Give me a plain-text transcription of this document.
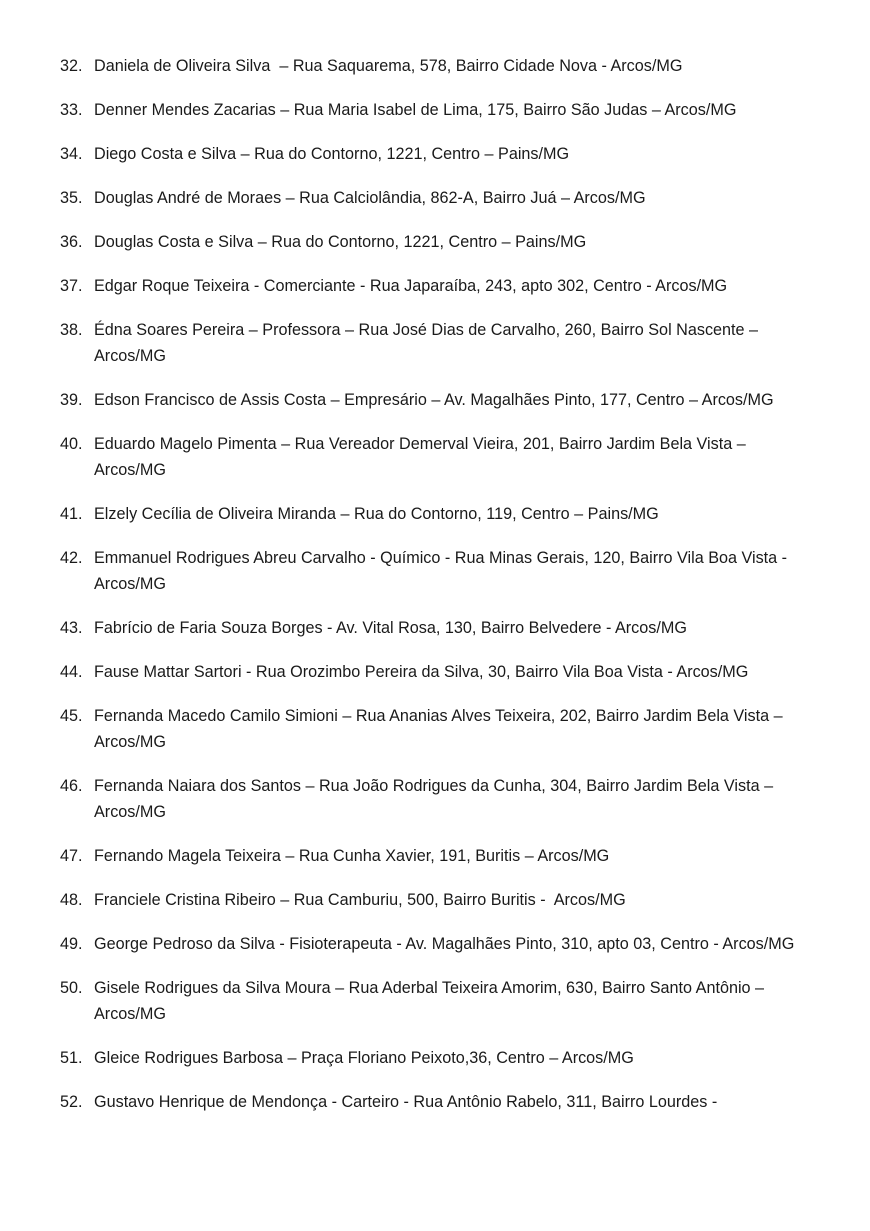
32. Daniela de Oliveira Silva  – Rua Saquarema, 578, Bairro Cidade Nova - Arcos/MG
33. Denner Mendes Zacarias – Rua Maria Isabel de Lima, 175, Bairro São Judas – Arcos/MG
34. Diego Costa e Silva – Rua do Contorno, 1221, Centro – Pains/MG
35. Douglas André de Moraes – Rua Calciolândia, 862-A, Bairro Juá – Arcos/MG
36. Douglas Costa e Silva – Rua do Contorno, 1221, Centro – Pains/MG
37. Edgar Roque Teixeira - Comerciante - Rua Japaraíba, 243, apto 302, Centro - Arcos/MG
38. Édna Soares Pereira – Professora – Rua José Dias de Carvalho, 260, Bairro Sol Nascente – Arcos/MG
39. Edson Francisco de Assis Costa – Empresário – Av. Magalhães Pinto, 177, Centro – Arcos/MG
40. Eduardo Magelo Pimenta – Rua Vereador Demerval Vieira, 201, Bairro Jardim Bela Vista – Arcos/MG
41. Elzely Cecília de Oliveira Miranda – Rua do Contorno, 119, Centro – Pains/MG
42. Emmanuel Rodrigues Abreu Carvalho - Químico - Rua Minas Gerais, 120, Bairro Vila Boa Vista - Arcos/MG
43. Fabrício de Faria Souza Borges - Av. Vital Rosa, 130, Bairro Belvedere - Arcos/MG
44. Fause Mattar Sartori - Rua Orozimbo Pereira da Silva, 30, Bairro Vila Boa Vista - Arcos/MG
45. Fernanda Macedo Camilo Simioni – Rua Ananias Alves Teixeira, 202, Bairro Jardim Bela Vista – Arcos/MG
46. Fernanda Naiara dos Santos – Rua João Rodrigues da Cunha, 304, Bairro Jardim Bela Vista – Arcos/MG
47. Fernando Magela Teixeira – Rua Cunha Xavier, 191, Buritis – Arcos/MG
48. Franciele Cristina Ribeiro – Rua Camburiu, 500, Bairro Buritis -  Arcos/MG
49. George Pedroso da Silva - Fisioterapeuta - Av. Magalhães Pinto, 310, apto 03, Centro - Arcos/MG
50. Gisele Rodrigues da Silva Moura – Rua Aderbal Teixeira Amorim, 630, Bairro Santo Antônio – Arcos/MG
51. Gleice Rodrigues Barbosa – Praça Floriano Peixoto,36, Centro – Arcos/MG
52. Gustavo Henrique de Mendonça - Carteiro - Rua Antônio Rabelo, 311, Bairro Lourdes -
